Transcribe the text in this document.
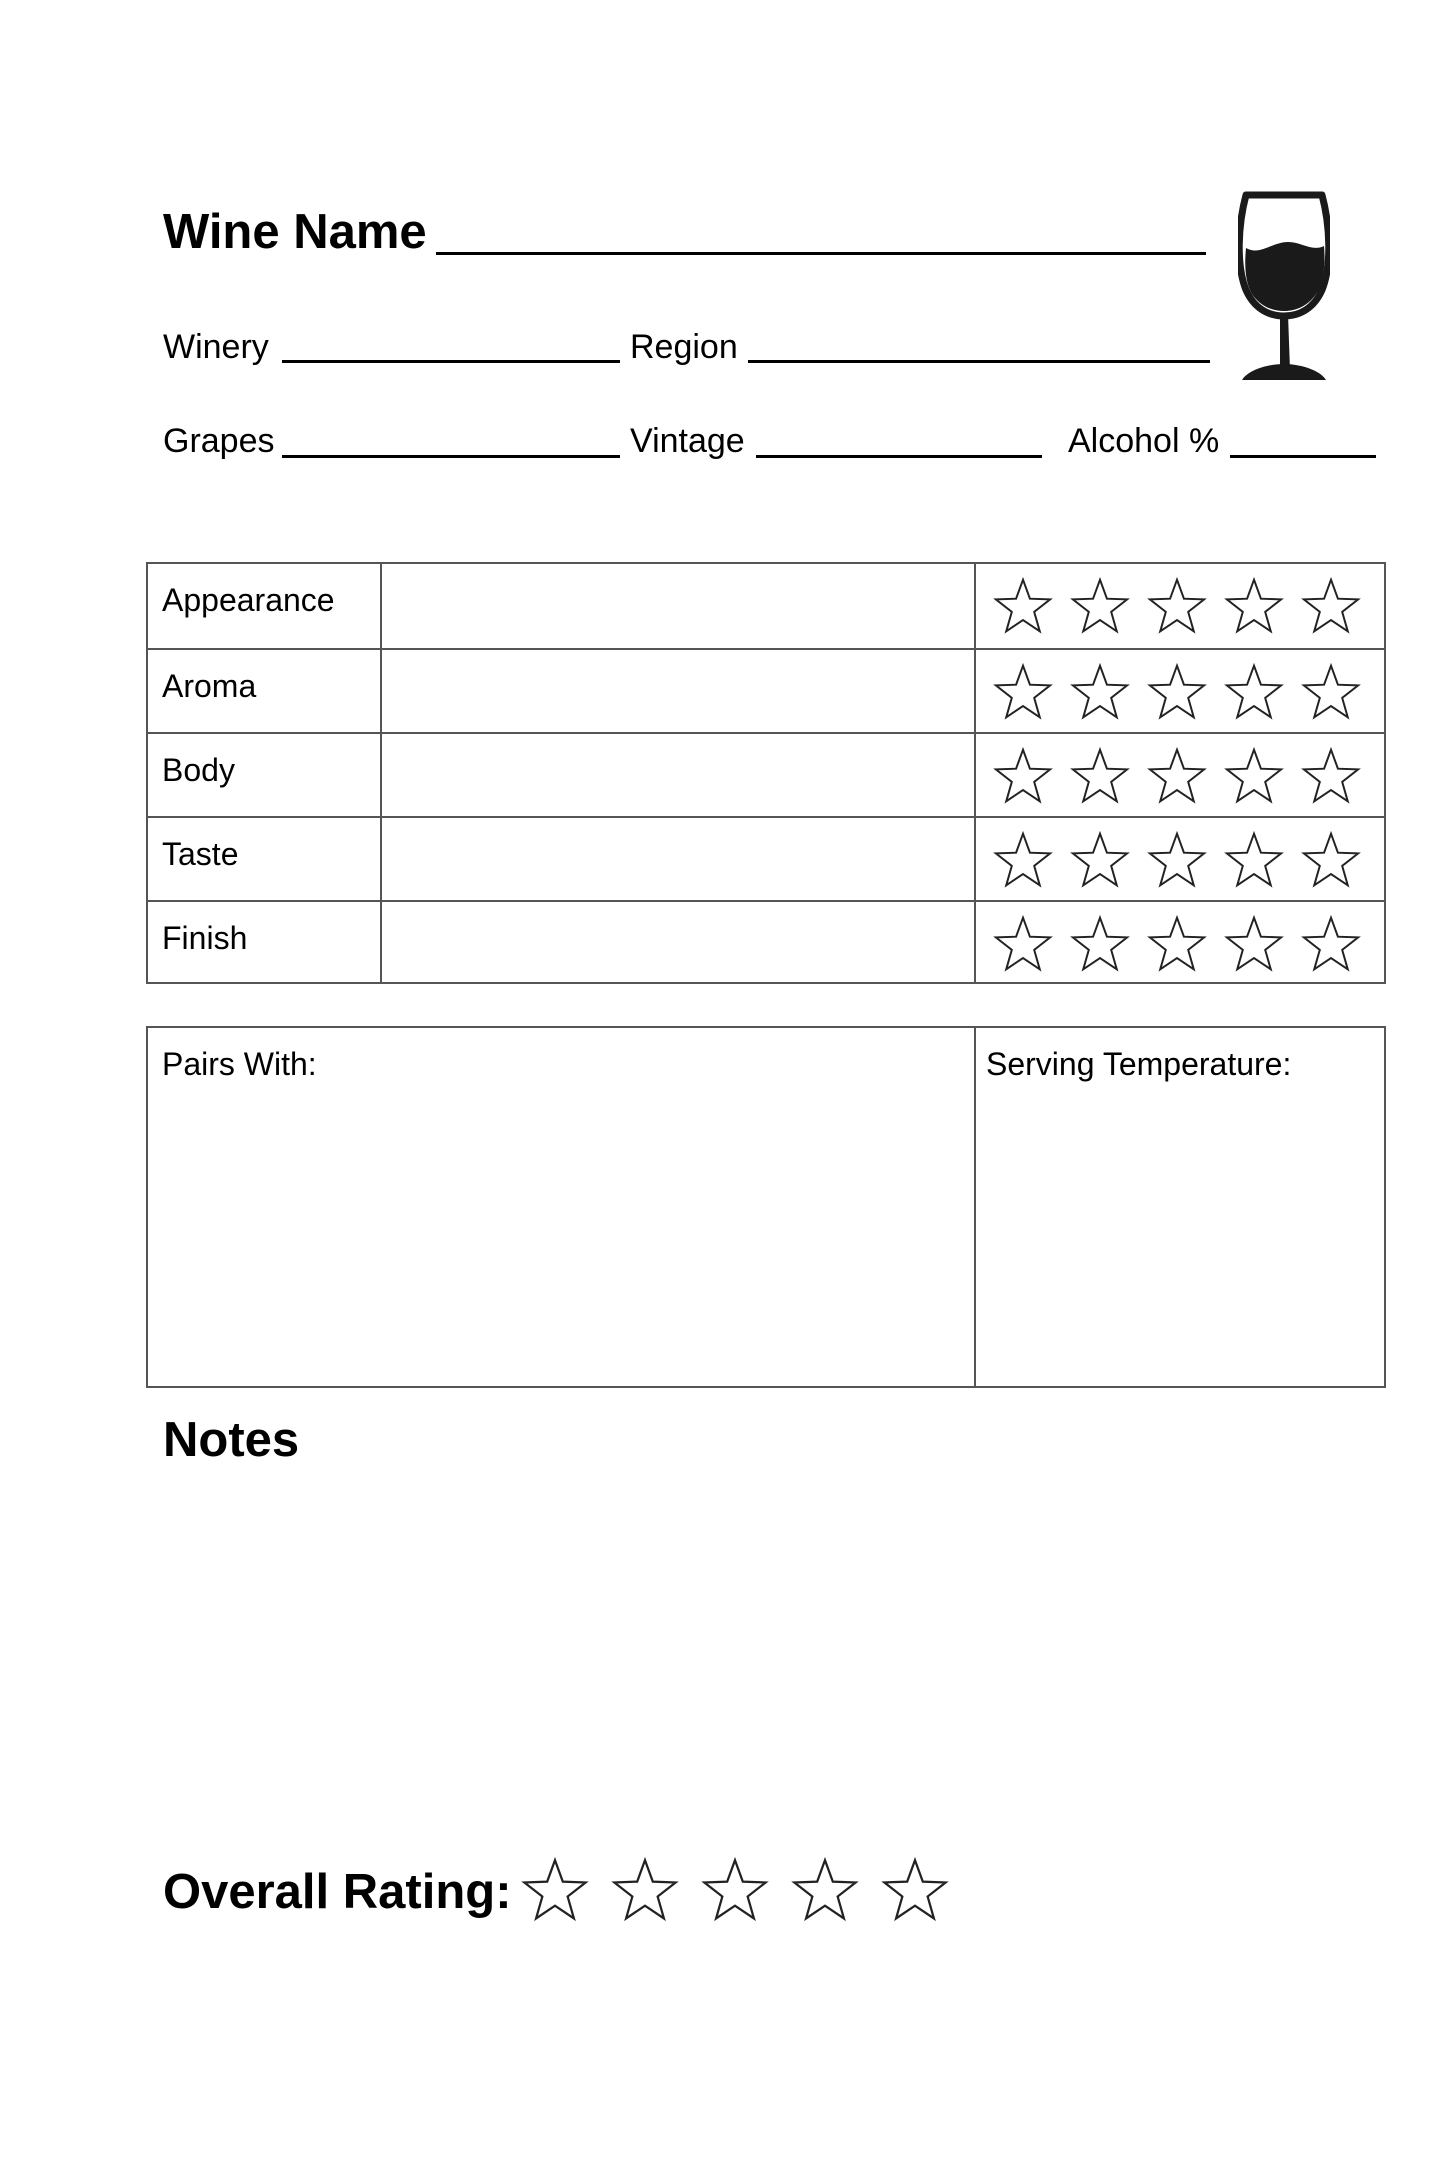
Wine Name
Winery	Region
Grapes	Vintage	Alcohol %
Appearance
Aroma
Body
Taste
Finish
Pairs With:	Serving Temperature:
Notes
Overall Rating:
